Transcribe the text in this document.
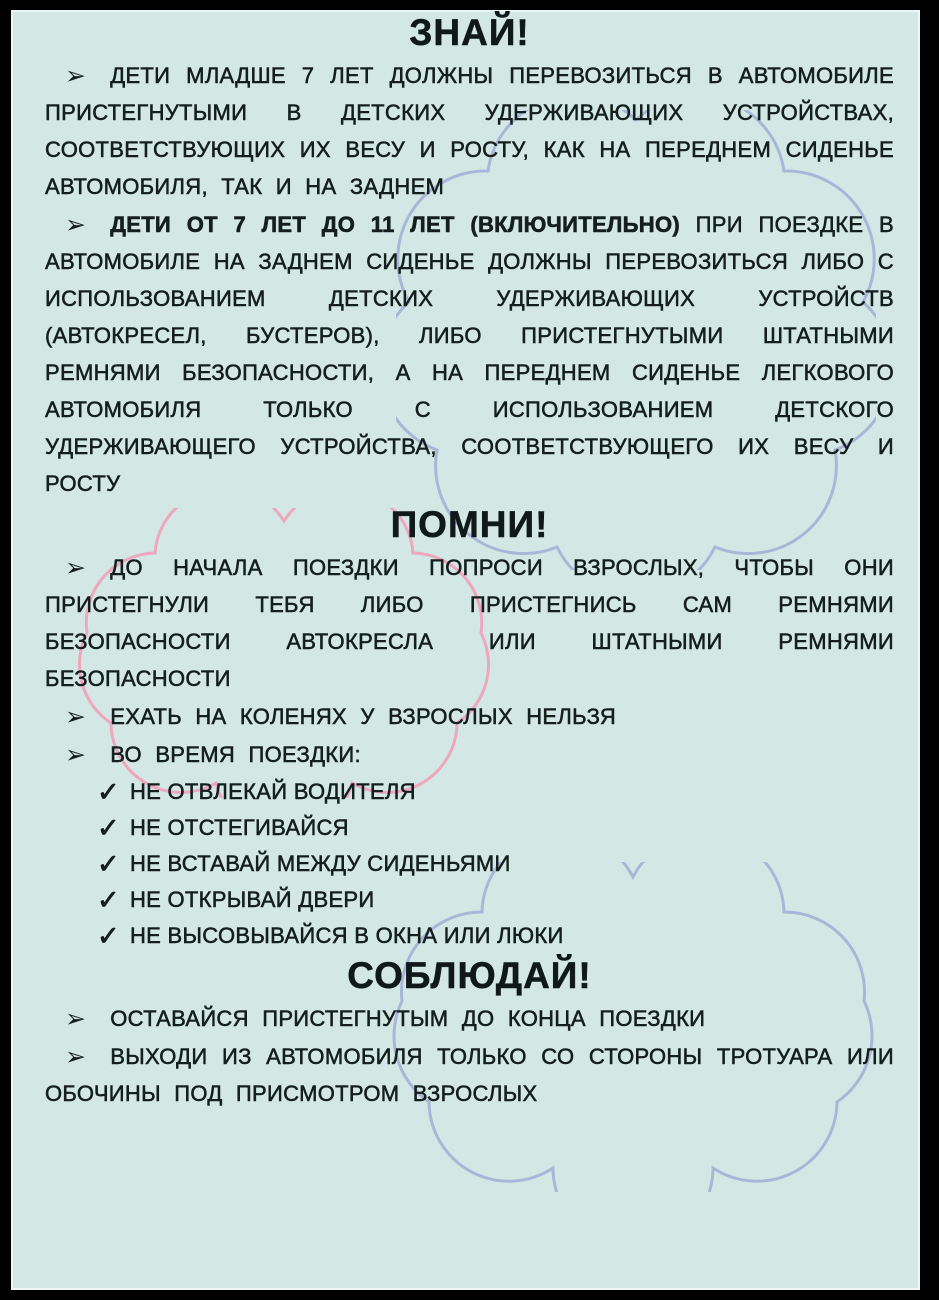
ЗНАЙ!

➢ ДЕТИ МЛАДШЕ 7 ЛЕТ ДОЛЖНЫ ПЕРЕВОЗИТЬСЯ В АВТОМОБИЛЕ ПРИСТЕГНУТЫМИ В ДЕТСКИХ УДЕРЖИВАЮЩИХ УСТРОЙСТВАХ, СООТВЕТСТВУЮЩИХ ИХ ВЕСУ И РОСТУ, КАК НА ПЕРЕДНЕМ СИДЕНЬЕ АВТОМОБИЛЯ, ТАК И НА ЗАДНЕМ

➢ ДЕТИ ОТ 7 ЛЕТ ДО 11 ЛЕТ (ВКЛЮЧИТЕЛЬНО) ПРИ ПОЕЗДКЕ В АВТОМОБИЛЕ НА ЗАДНЕМ СИДЕНЬЕ ДОЛЖНЫ ПЕРЕВОЗИТЬСЯ ЛИБО С ИСПОЛЬЗОВАНИЕМ ДЕТСКИХ УДЕРЖИВАЮЩИХ УСТРОЙСТВ (АВТОКРЕСЕЛ, БУСТЕРОВ), ЛИБО ПРИСТЕГНУТЫМИ ШТАТНЫМИ РЕМНЯМИ БЕЗОПАСНОСТИ, А НА ПЕРЕДНЕМ СИДЕНЬЕ ЛЕГКОВОГО АВТОМОБИЛЯ ТОЛЬКО С ИСПОЛЬЗОВАНИЕМ ДЕТСКОГО УДЕРЖИВАЮЩЕГО УСТРОЙСТВА, СООТВЕТСТВУЮЩЕГО ИХ ВЕСУ И РОСТУ

ПОМНИ!

➢ ДО НАЧАЛА ПОЕЗДКИ ПОПРОСИ ВЗРОСЛЫХ, ЧТОБЫ ОНИ ПРИСТЕГНУЛИ ТЕБЯ ЛИБО ПРИСТЕГНИСЬ САМ РЕМНЯМИ БЕЗОПАСНОСТИ АВТОКРЕСЛА ИЛИ ШТАТНЫМИ РЕМНЯМИ БЕЗОПАСНОСТИ

➢ ЕХАТЬ НА КОЛЕНЯХ У ВЗРОСЛЫХ НЕЛЬЗЯ

➢ ВО ВРЕМЯ ПОЕЗДКИ:

✓ НЕ ОТВЛЕКАЙ ВОДИТЕЛЯ
✓ НЕ ОТСТЕГИВАЙСЯ
✓ НЕ ВСТАВАЙ МЕЖДУ СИДЕНЬЯМИ
✓ НЕ ОТКРЫВАЙ ДВЕРИ
✓ НЕ ВЫСОВЫВАЙСЯ В ОКНА ИЛИ ЛЮКИ
СОБЛЮДАЙ!

➢ ОСТАВАЙСЯ ПРИСТЕГНУТЫМ ДО КОНЦА ПОЕЗДКИ

➢ ВЫХОДИ ИЗ АВТОМОБИЛЯ ТОЛЬКО СО СТОРОНЫ ТРОТУАРА ИЛИ ОБОЧИНЫ ПОД ПРИСМОТРОМ ВЗРОСЛЫХ
